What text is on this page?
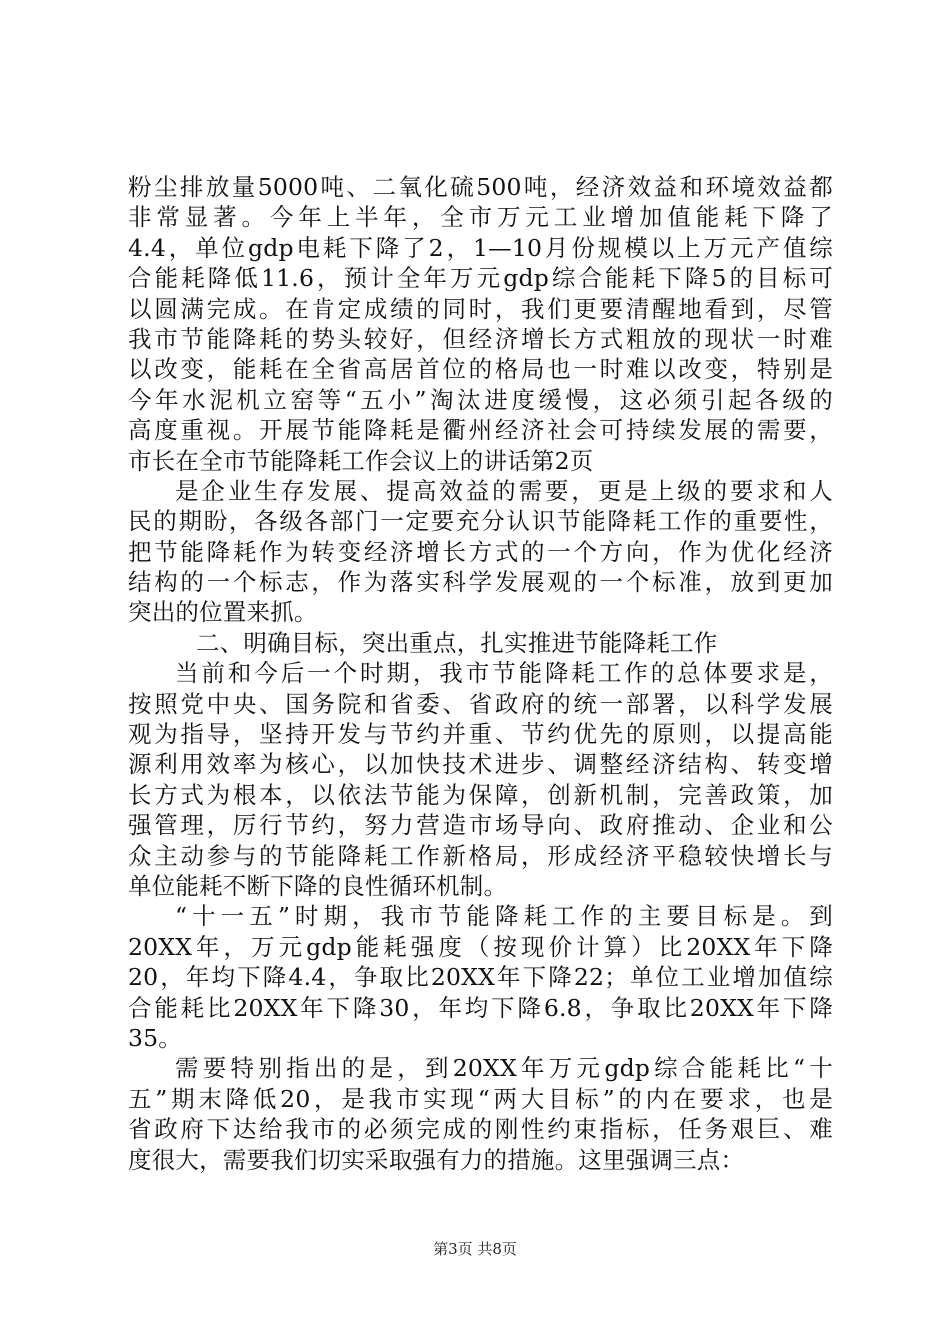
粉尘排放量5000吨、二氧化硫500吨，经济效益和环境效益都
非常显著。今年上半年，全市万元工业增加值能耗下降了
4.4，单位gdp电耗下降了2，1—10月份规模以上万元产值综
合能耗降低11.6，预计全年万元gdp综合能耗下降5的目标可
以圆满完成。在肯定成绩的同时，我们更要清醒地看到，尽管
我市节能降耗的势头较好，但经济增长方式粗放的现状一时难
以改变，能耗在全省高居首位的格局也一时难以改变，特别是
今年水泥机立窑等“五小”淘汰进度缓慢，这必须引起各级的
高度重视。开展节能降耗是衢州经济社会可持续发展的需要，
市长在全市节能降耗工作会议上的讲话第2页
是企业生存发展、提高效益的需要，更是上级的要求和人
民的期盼，各级各部门一定要充分认识节能降耗工作的重要性，
把节能降耗作为转变经济增长方式的一个方向，作为优化经济
结构的一个标志，作为落实科学发展观的一个标准，放到更加
突出的位置来抓。
二、明确目标，突出重点，扎实推进节能降耗工作
当前和今后一个时期，我市节能降耗工作的总体要求是，
按照党中央、国务院和省委、省政府的统一部署，以科学发展
观为指导，坚持开发与节约并重、节约优先的原则，以提高能
源利用效率为核心，以加快技术进步、调整经济结构、转变增
长方式为根本，以依法节能为保障，创新机制，完善政策，加
强管理，厉行节约，努力营造市场导向、政府推动、企业和公
众主动参与的节能降耗工作新格局，形成经济平稳较快增长与
单位能耗不断下降的良性循环机制。
“十一五”时期，我市节能降耗工作的主要目标是。到
20XX年，万元gdp能耗强度（按现价计算）比20XX年下降
20，年均下降4.4，争取比20XX年下降22；单位工业增加值综
合能耗比20XX年下降30，年均下降6.8，争取比20XX年下降
35。
需要特别指出的是，到20XX年万元gdp综合能耗比“十
五”期末降低20，是我市实现“两大目标”的内在要求，也是
省政府下达给我市的必须完成的刚性约束指标，任务艰巨、难
度很大，需要我们切实采取强有力的措施。这里强调三点：
第3页 共8页
